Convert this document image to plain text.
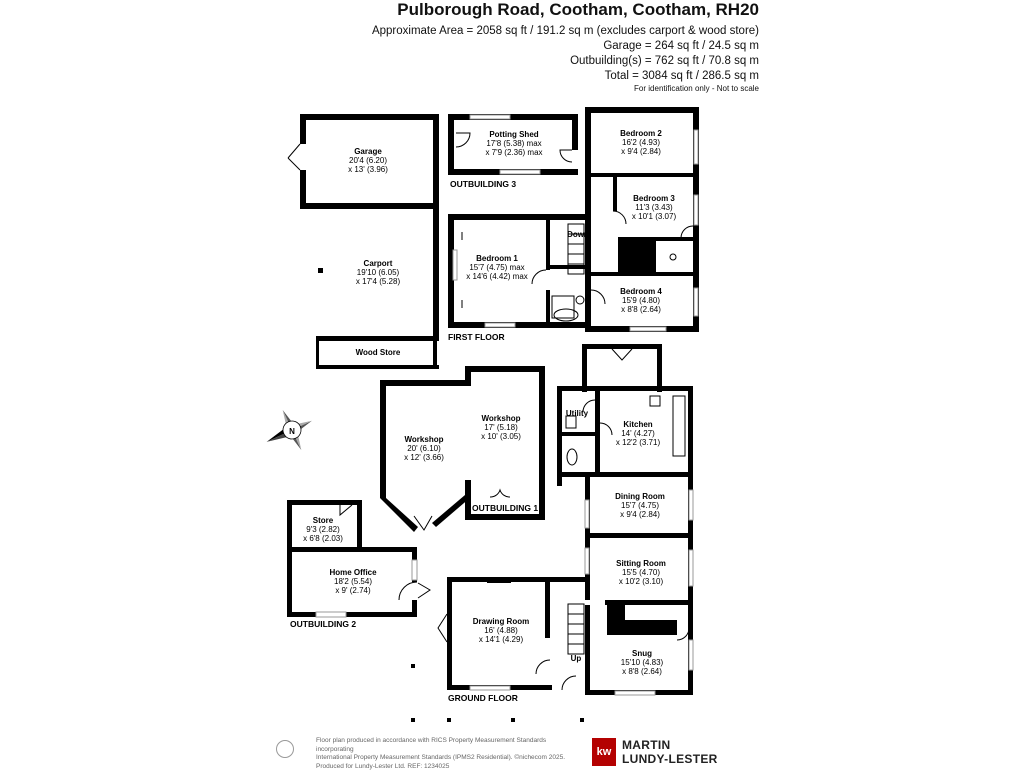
Pulborough Road, Cootham, Cootham, RH20
Approximate Area = 2058 sq ft / 191.2 sq m (excludes carport & wood store)
Garage = 264 sq ft / 24.5 sq m
Outbuilding(s) = 762 sq ft / 70.8 sq m
Total = 3084 sq ft / 286.5 sq m
For identification only - Not to scale
N
Garage
20'4 (6.20)
x 13' (3.96)
Carport
19'10 (6.05)
x 17'4 (5.28)
Wood Store
Potting Shed
17'8 (5.38) max
x 7'9 (2.36) max
OUTBUILDING 3
Bedroom 2
16'2 (4.93)
x 9'4 (2.84)
Bedroom 3
11'3 (3.43)
x 10'1 (3.07)
Bedroom 1
15'7 (4.75) max
x 14'6 (4.42) max
Down
Bedroom 4
15'9 (4.80)
x 8'8 (2.64)
FIRST FLOOR
Workshop
20' (6.10)
x 12' (3.66)
Workshop
17' (5.18)
x 10' (3.05)
OUTBUILDING 1
Utility
Kitchen
14' (4.27)
x 12'2 (3.71)
Dining Room
15'7 (4.75)
x 9'4 (2.84)
Store
9'3 (2.82)
x 6'8 (2.03)
Sitting Room
15'5 (4.70)
x 10'2 (3.10)
Home Office
18'2 (5.54)
x 9' (2.74)
OUTBUILDING 2	Drawing Room
16' (4.88)
x 14'1 (4.29)
Up
Snug
15'10 (4.83)
x 8'8 (2.64)
GROUND FLOOR
Floor plan produced in accordance with RICS Property Measurement Standards incorporating
International Property Measurement Standards (IPMS2 Residential). ©nichecom 2025.
Produced for Lundy-Lester Ltd. REF: 1234025
kw MARTIN
LUNDY-LESTER
